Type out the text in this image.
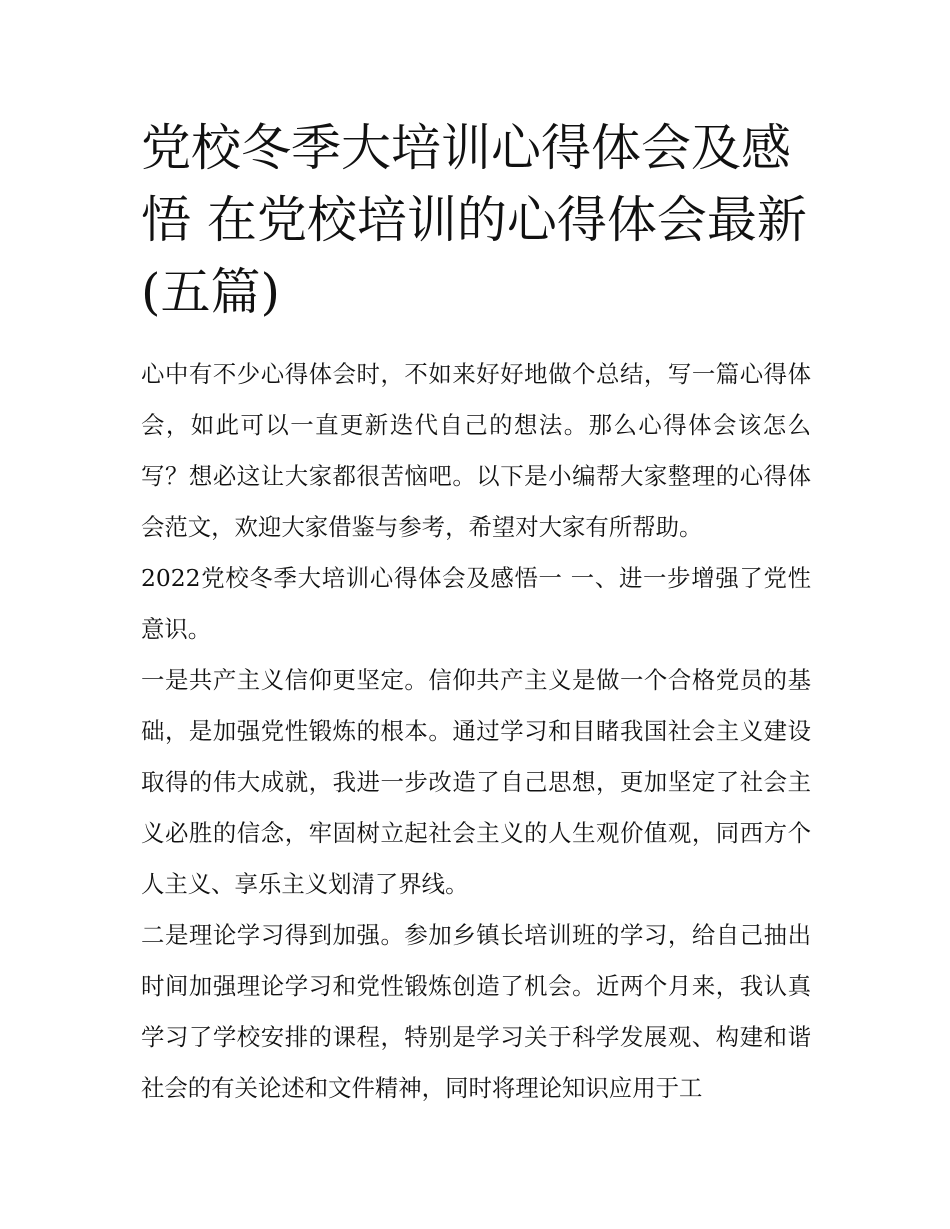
党校冬季大培训心得体会及感悟 在党校培训的心得体会最新(五篇)

心中有不少心得体会时，不如来好好地做个总结，写一篇心得体会，如此可以一直更新迭代自己的想法。那么心得体会该怎么写？想必这让大家都很苦恼吧。以下是小编帮大家整理的心得体会范文，欢迎大家借鉴与参考，希望对大家有所帮助。

2022党校冬季大培训心得体会及感悟一 一、进一步增强了党性意识。

一是共产主义信仰更坚定。信仰共产主义是做一个合格党员的基础，是加强党性锻炼的根本。通过学习和目睹我国社会主义建设取得的伟大成就，我进一步改造了自己思想，更加坚定了社会主义必胜的信念，牢固树立起社会主义的人生观价值观，同西方个人主义、享乐主义划清了界线。

二是理论学习得到加强。参加乡镇长培训班的学习，给自己抽出时间加强理论学习和党性锻炼创造了机会。近两个月来，我认真学习了学校安排的课程，特别是学习关于科学发展观、构建和谐社会的有关论述和文件精神，同时将理论知识应用于工
